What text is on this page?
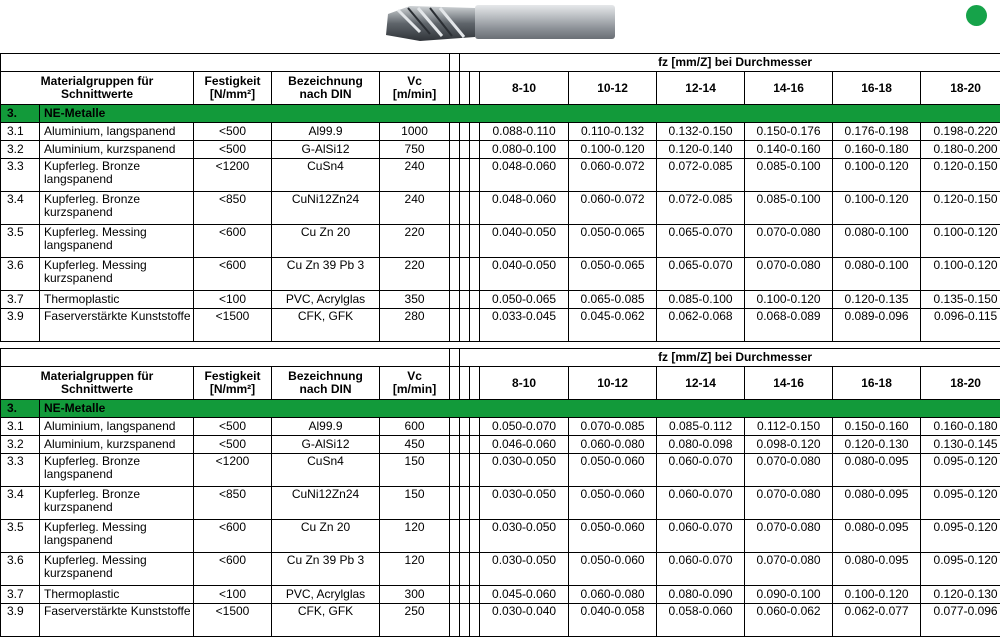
						fz [mm/Z] bei Durchmesser							
Materialgruppen für Schnittwerte		Festigkeit [N/mm²]	Bezeichnung nach DIN	Vc [m/min]				8-10	10-12	12-14	14-16	16-18	18-20
3.	NE-Metalle												
3.1	Aluminium, langspanend	<500	Al99.9	1000				0.088-0.110	0.110-0.132	0.132-0.150	0.150-0.176	0.176-0.198	0.198-0.220
3.2	Aluminium, kurzspanend	<500	G-AlSi12	750				0.080-0.100	0.100-0.120	0.120-0.140	0.140-0.160	0.160-0.180	0.180-0.200
3.3	Kupferleg. Bronze langspanend	<1200	CuSn4	240				0.048-0.060	0.060-0.072	0.072-0.085	0.085-0.100	0.100-0.120	0.120-0.150
3.4	Kupferleg. Bronze kurzspanend	<850	CuNi12Zn24	240				0.048-0.060	0.060-0.072	0.072-0.085	0.085-0.100	0.100-0.120	0.120-0.150
3.5	Kupferleg. Messing langspanend	<600	Cu Zn 20	220				0.040-0.050	0.050-0.065	0.065-0.070	0.070-0.080	0.080-0.100	0.100-0.120
3.6	Kupferleg. Messing kurzspanend	<600	Cu Zn 39 Pb 3	220				0.040-0.050	0.050-0.065	0.065-0.070	0.070-0.080	0.080-0.100	0.100-0.120
3.7	Thermoplastic	<100	PVC, Acrylglas	350				0.050-0.065	0.065-0.085	0.085-0.100	0.100-0.120	0.120-0.135	0.135-0.150
3.9	Faserverstärkte Kunststoffe	<1500	CFK, GFK	280				0.033-0.045	0.045-0.062	0.062-0.068	0.068-0.089	0.089-0.096	0.096-0.115
						fz [mm/Z] bei Durchmesser							
Materialgruppen für Schnittwerte		Festigkeit [N/mm²]	Bezeichnung nach DIN	Vc [m/min]				8-10	10-12	12-14	14-16	16-18	18-20
3.	NE-Metalle												
3.1	Aluminium, langspanend	<500	Al99.9	600				0.050-0.070	0.070-0.085	0.085-0.112	0.112-0.150	0.150-0.160	0.160-0.180
3.2	Aluminium, kurzspanend	<500	G-AlSi12	450				0.046-0.060	0.060-0.080	0.080-0.098	0.098-0.120	0.120-0.130	0.130-0.145
3.3	Kupferleg. Bronze langspanend	<1200	CuSn4	150				0.030-0.050	0.050-0.060	0.060-0.070	0.070-0.080	0.080-0.095	0.095-0.120
3.4	Kupferleg. Bronze kurzspanend	<850	CuNi12Zn24	150				0.030-0.050	0.050-0.060	0.060-0.070	0.070-0.080	0.080-0.095	0.095-0.120
3.5	Kupferleg. Messing langspanend	<600	Cu Zn 20	120				0.030-0.050	0.050-0.060	0.060-0.070	0.070-0.080	0.080-0.095	0.095-0.120
3.6	Kupferleg. Messing kurzspanend	<600	Cu Zn 39 Pb 3	120				0.030-0.050	0.050-0.060	0.060-0.070	0.070-0.080	0.080-0.095	0.095-0.120
3.7	Thermoplastic	<100	PVC, Acrylglas	300				0.045-0.060	0.060-0.080	0.080-0.090	0.090-0.100	0.100-0.120	0.120-0.130
3.9	Faserverstärkte Kunststoffe	<1500	CFK, GFK	250				0.030-0.040	0.040-0.058	0.058-0.060	0.060-0.062	0.062-0.077	0.077-0.096
